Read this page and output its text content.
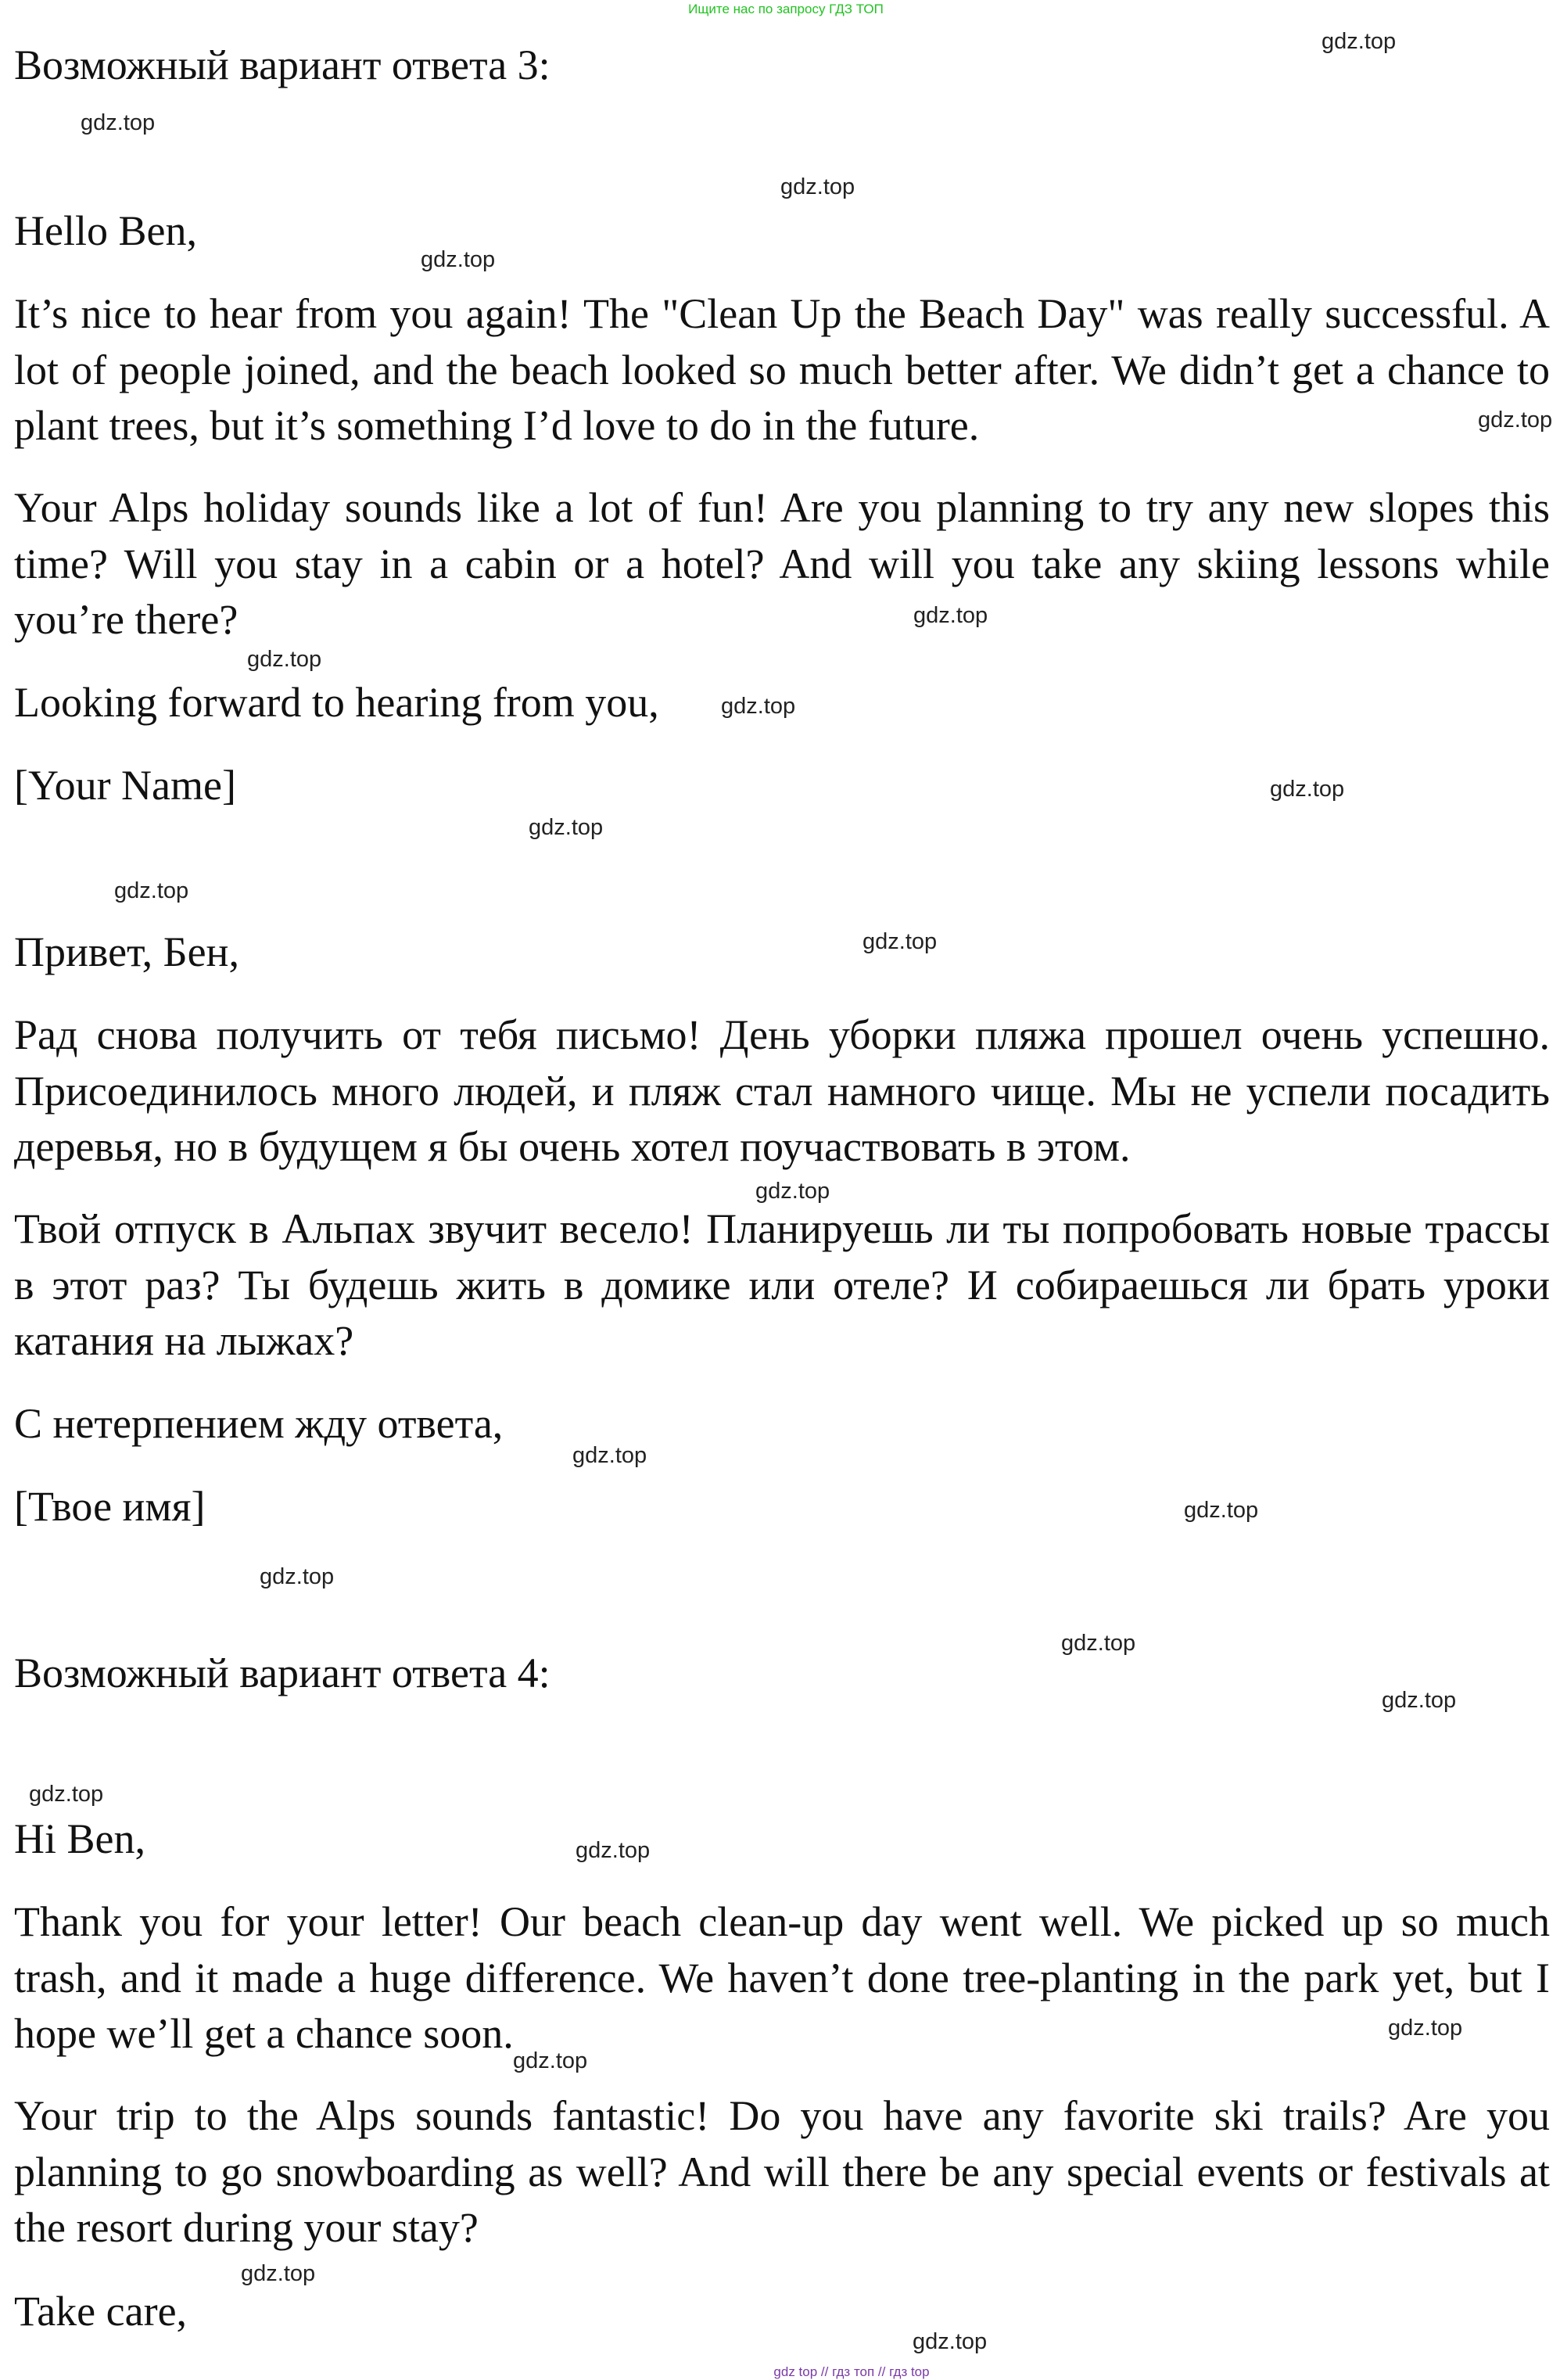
Ищите нас по запросу ГДЗ ТОП

Возможный вариант ответа 3:

Hello Ben,

It’s nice to hear from you again! The "Clean Up the Beach Day" was really successful. A lot of people joined, and the beach looked so much better after. We didn’t get a chance to plant trees, but it’s something I’d love to do in the future.

Your Alps holiday sounds like a lot of fun! Are you planning to try any new slopes this time? Will you stay in a cabin or a hotel? And will you take any skiing lessons while you’re there?

Looking forward to hearing from you,

[Your Name]

Привет, Бен,

Рад снова получить от тебя письмо! День уборки пляжа прошел очень успешно. Присоединилось много людей, и пляж стал намного чище. Мы не успели посадить деревья, но в будущем я бы очень хотел поучаствовать в этом.

Твой отпуск в Альпах звучит весело! Планируешь ли ты попробовать новые трассы в этот раз? Ты будешь жить в домике или отеле? И собираешься ли брать уроки катания на лыжах?

С нетерпением жду ответа,

[Твое имя]

Возможный вариант ответа 4:

Hi Ben,

Thank you for your letter! Our beach clean-up day went well. We picked up so much trash, and it made a huge difference. We haven’t done tree-planting in the park yet, but I hope we’ll get a chance soon.

Your trip to the Alps sounds fantastic! Do you have any favorite ski trails? Are you planning to go snowboarding as well? And will there be any special events or festivals at the resort during your stay?

Take care,

gdz.top
gdz.top
gdz.top
gdz.top
gdz.top
gdz.top
gdz.top
gdz.top
gdz.top
gdz.top
gdz.top
gdz.top
gdz.top
gdz.top
gdz.top
gdz.top
gdz.top
gdz.top
gdz.top
gdz.top
gdz.top
gdz.top
gdz.top
gdz.top
gdz top // гдз топ // гдз top
